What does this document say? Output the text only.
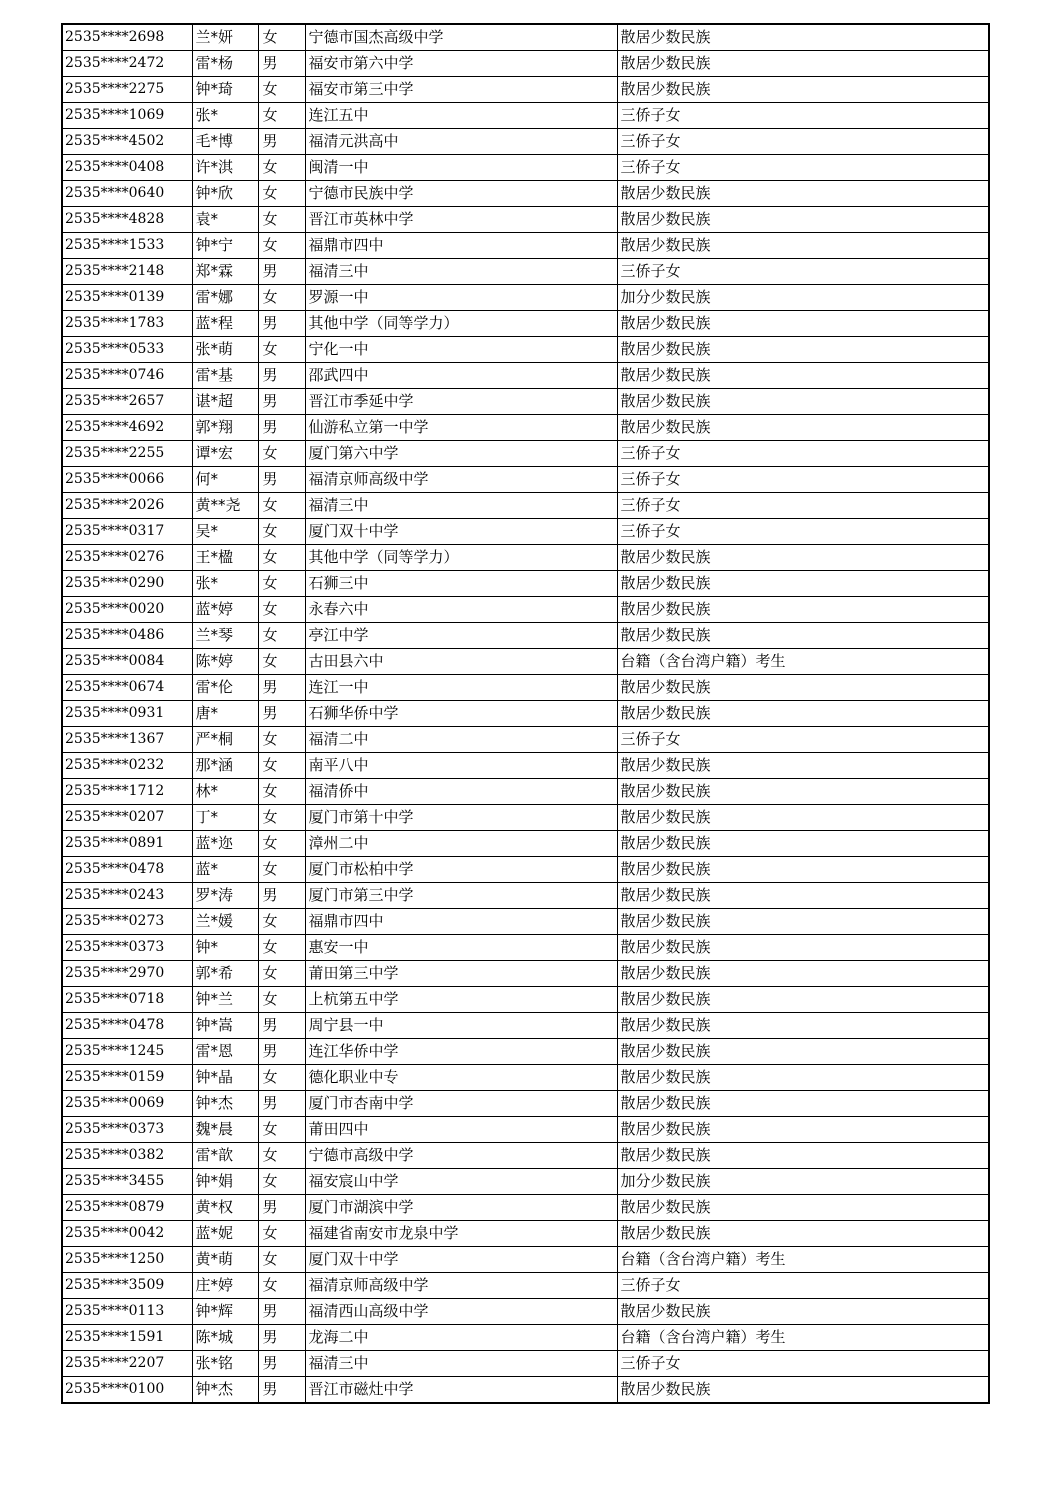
2535****2698	兰*妍	女	宁德市国杰高级中学	散居少数民族
2535****2472	雷*杨	男	福安市第六中学	散居少数民族
2535****2275	钟*琦	女	福安市第三中学	散居少数民族
2535****1069	张*	女	连江五中	三侨子女
2535****4502	毛*博	男	福清元洪高中	三侨子女
2535****0408	许*淇	女	闽清一中	三侨子女
2535****0640	钟*欣	女	宁德市民族中学	散居少数民族
2535****4828	袁*	女	晋江市英林中学	散居少数民族
2535****1533	钟*宁	女	福鼎市四中	散居少数民族
2535****2148	郑*霖	男	福清三中	三侨子女
2535****0139	雷*娜	女	罗源一中	加分少数民族
2535****1783	蓝*程	男	其他中学（同等学力）	散居少数民族
2535****0533	张*萌	女	宁化一中	散居少数民族
2535****0746	雷*基	男	邵武四中	散居少数民族
2535****2657	谌*超	男	晋江市季延中学	散居少数民族
2535****4692	郭*翔	男	仙游私立第一中学	散居少数民族
2535****2255	谭*宏	女	厦门第六中学	三侨子女
2535****0066	何*	男	福清京师高级中学	三侨子女
2535****2026	黄**尧	女	福清三中	三侨子女
2535****0317	吴*	女	厦门双十中学	三侨子女
2535****0276	王*楹	女	其他中学（同等学力）	散居少数民族
2535****0290	张*	女	石狮三中	散居少数民族
2535****0020	蓝*婷	女	永春六中	散居少数民族
2535****0486	兰*琴	女	亭江中学	散居少数民族
2535****0084	陈*婷	女	古田县六中	台籍（含台湾户籍）考生
2535****0674	雷*伦	男	连江一中	散居少数民族
2535****0931	唐*	男	石狮华侨中学	散居少数民族
2535****1367	严*桐	女	福清二中	三侨子女
2535****0232	那*涵	女	南平八中	散居少数民族
2535****1712	林*	女	福清侨中	散居少数民族
2535****0207	丁*	女	厦门市第十中学	散居少数民族
2535****0891	蓝*迩	女	漳州二中	散居少数民族
2535****0478	蓝*	女	厦门市松柏中学	散居少数民族
2535****0243	罗*涛	男	厦门市第三中学	散居少数民族
2535****0273	兰*媛	女	福鼎市四中	散居少数民族
2535****0373	钟*	女	惠安一中	散居少数民族
2535****2970	郭*希	女	莆田第三中学	散居少数民族
2535****0718	钟*兰	女	上杭第五中学	散居少数民族
2535****0478	钟*嵩	男	周宁县一中	散居少数民族
2535****1245	雷*恩	男	连江华侨中学	散居少数民族
2535****0159	钟*晶	女	德化职业中专	散居少数民族
2535****0069	钟*杰	男	厦门市杏南中学	散居少数民族
2535****0373	魏*晨	女	莆田四中	散居少数民族
2535****0382	雷*歆	女	宁德市高级中学	散居少数民族
2535****3455	钟*娟	女	福安宸山中学	加分少数民族
2535****0879	黄*权	男	厦门市湖滨中学	散居少数民族
2535****0042	蓝*妮	女	福建省南安市龙泉中学	散居少数民族
2535****1250	黄*萌	女	厦门双十中学	台籍（含台湾户籍）考生
2535****3509	庄*婷	女	福清京师高级中学	三侨子女
2535****0113	钟*辉	男	福清西山高级中学	散居少数民族
2535****1591	陈*城	男	龙海二中	台籍（含台湾户籍）考生
2535****2207	张*铭	男	福清三中	三侨子女
2535****0100	钟*杰	男	晋江市磁灶中学	散居少数民族
